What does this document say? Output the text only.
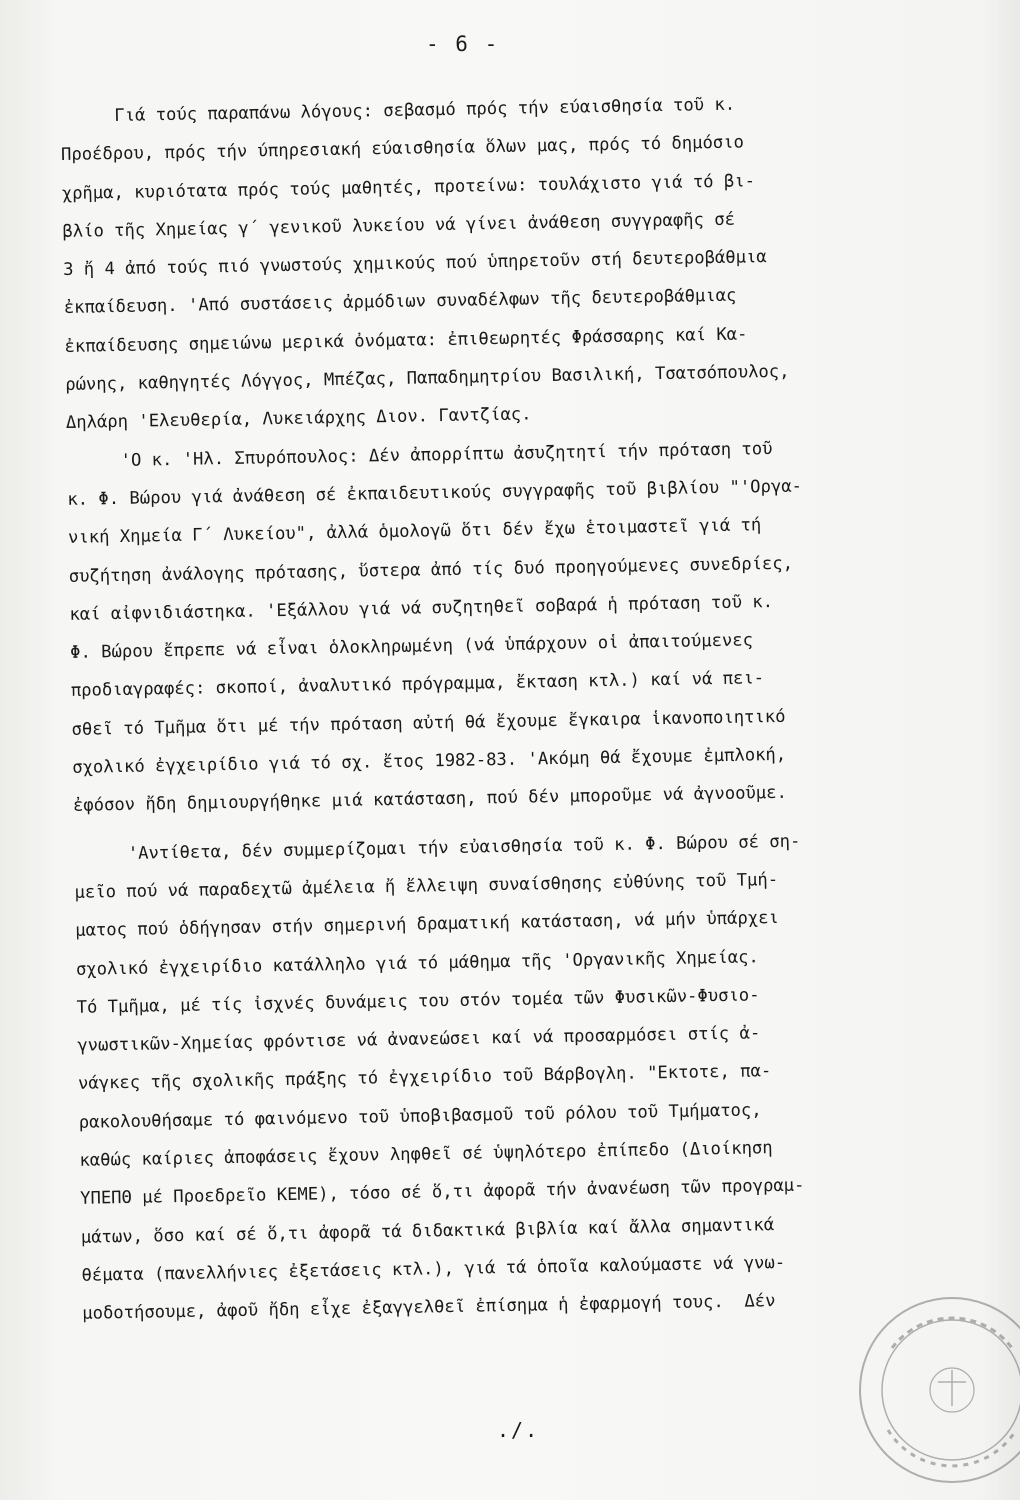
- 6 -
Γιά τούς παραπάνω λόγους: σεβασμό πρός τήν εύαισθησία τοῦ κ.
Προέδρου, πρός τήν ύπηρεσιακή εύαισθησία ὅλων μας, πρός τό δημόσιο
χρῆμα, κυριότατα πρός τούς μαθητές, προτείνω: τουλάχιστο γιά τό βι-
βλίο τῆς Χημείας γ΄ γενικοῦ λυκείου νά γίνει ἀνάθεση συγγραφῆς σέ
3 ἤ 4 ἀπό τούς πιό γνωστούς χημικούς πού ὑπηρετοῦν στή δευτεροβάθμια
ἐκπαίδευση. 'Από συστάσεις ἀρμόδιων συναδέλφων τῆς δευτεροβάθμιας
ἐκπαίδευσης σημειώνω μερικά ὀνόματα: ἐπιθεωρητές Φράσσαρης καί Κα-
ρώνης, καθηγητές Λόγγος, Μπέζας, Παπαδημητρίου Βασιλική, Τσατσόπουλος,
Δηλάρη 'Ελευθερία, Λυκειάρχης Διον. Γαντζίας.
'Ο κ. 'Ηλ. Σπυρόπουλος: Δέν ἀπορρίπτω ἀσυζητητί τήν πρόταση τοῦ
κ. Φ. Βώρου γιά ἀνάθεση σέ ἐκπαιδευτικούς συγγραφῆς τοῦ βιβλίου "'Οργα-
νική Χημεία Γ΄ Λυκείου", ἀλλά ὁμολογῶ ὅτι δέν ἔχω ἑτοιμαστεῖ γιά τή
συζήτηση ἀνάλογης πρότασης, ὕστερα ἀπό τίς δυό προηγούμενες συνεδρίες,
καί αἰφνιδιάστηκα. 'Εξάλλου γιά νά συζητηθεῖ σοβαρά ἡ πρόταση τοῦ κ.
Φ. Βώρου ἔπρεπε νά εἶναι ὁλοκληρωμένη (νά ὑπάρχουν οἱ ἀπαιτούμενες
προδιαγραφές: σκοποί, ἀναλυτικό πρόγραμμα, ἔκταση κτλ.) καί νά πει-
σθεῖ τό Τμῆμα ὅτι μέ τήν πρόταση αὐτή θά ἔχουμε ἔγκαιρα ἱκανοποιητικό
σχολικό ἐγχειρίδιο γιά τό σχ. ἔτος 1982-83. 'Ακόμη θά ἔχουμε ἐμπλοκή,
ἐφόσον ἤδη δημιουργήθηκε μιά κατάσταση, πού δέν μποροῦμε νά ἀγνοοῦμε.
'Αντίθετα, δέν συμμερίζομαι τήν εὐαισθησία τοῦ κ. Φ. Βώρου σέ ση-
μεῖο πού νά παραδεχτῶ ἀμέλεια ἤ ἔλλειψη συναίσθησης εὐθύνης τοῦ Τμή-
ματος πού ὁδήγησαν στήν σημερινή δραματική κατάσταση, νά μήν ὑπάρχει
σχολικό ἐγχειρίδιο κατάλληλο γιά τό μάθημα τῆς 'Οργανικῆς Χημείας.
Τό Τμῆμα, μέ τίς ἰσχνές δυνάμεις του στόν τομέα τῶν Φυσικῶν-Φυσιο-
γνωστικῶν-Χημείας φρόντισε νά ἀνανεώσει καί νά προσαρμόσει στίς ἀ-
νάγκες τῆς σχολικῆς πράξης τό ἐγχειρίδιο τοῦ Βάρβογλη. "Εκτοτε, πα-
ρακολουθήσαμε τό φαινόμενο τοῦ ὑποβιβασμοῦ τοῦ ρόλου τοῦ Τμήματος,
καθώς καίριες ἀποφάσεις ἔχουν ληφθεῖ σέ ὑψηλότερο ἐπίπεδο (Διοίκηση
ΥΠΕΠΘ μέ Προεδρεῖο ΚΕΜΕ), τόσο σέ ὅ,τι ἀφορᾶ τήν ἀνανέωση τῶν προγραμ-
μάτων, ὅσο καί σέ ὅ,τι ἀφορᾶ τά διδακτικά βιβλία καί ἄλλα σημαντικά
θέματα (πανελλήνιες ἐξετάσεις κτλ.), γιά τά ὁποῖα καλούμαστε νά γνω-
μοδοτήσουμε, ἀφοῦ ἤδη εἶχε ἐξαγγελθεῖ ἐπίσημα ἡ ἐφαρμογή τους.  Δέν
./.
